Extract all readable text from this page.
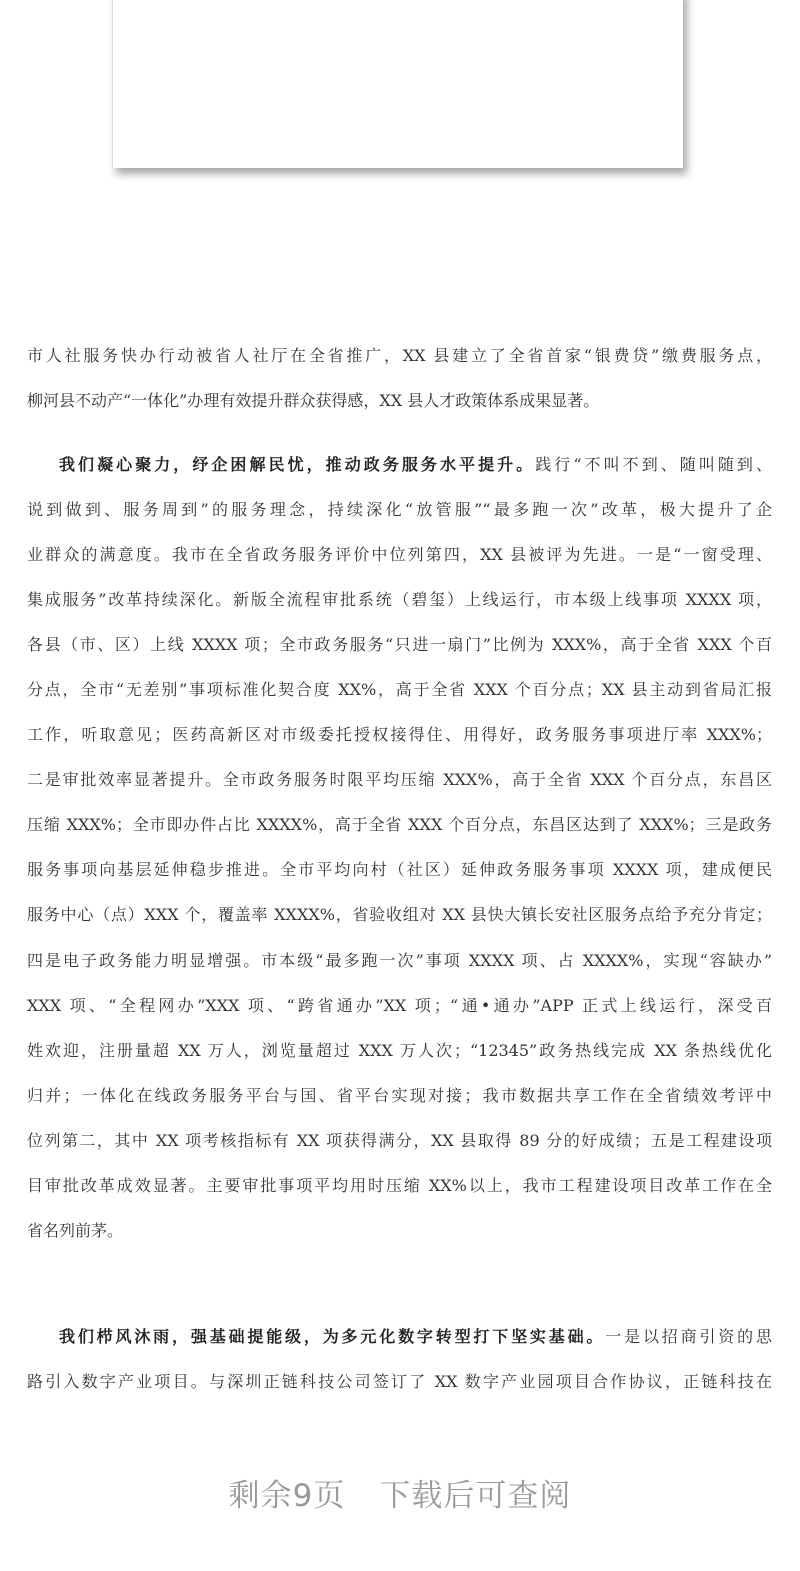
市人社服务快办行动被省人社厅在全省推广，XX 县建立了全省首家“银费贷”缴费服务点，
柳河县不动产“一体化”办理有效提升群众获得感，XX 县人才政策体系成果显著。
我们凝心聚力，纾企困解民忧，推动政务服务水平提升。践行“不叫不到、随叫随到、
说到做到、服务周到”的服务理念，持续深化“放管服”“最多跑一次”改革，极大提升了企
业群众的满意度。我市在全省政务服务评价中位列第四，XX 县被评为先进。一是“一窗受理、
集成服务”改革持续深化。新版全流程审批系统（碧玺）上线运行，市本级上线事项 XXXX 项，
各县（市、区）上线 XXXX 项；全市政务服务“只进一扇门”比例为 XXX%，高于全省 XXX 个百
分点，全市“无差别”事项标准化契合度 XX%，高于全省 XXX 个百分点；XX 县主动到省局汇报
工作，听取意见；医药高新区对市级委托授权接得住、用得好，政务服务事项进厅率 XXX%；
二是审批效率显著提升。全市政务服务时限平均压缩 XXX%，高于全省 XXX 个百分点，东昌区
压缩 XXX%；全市即办件占比 XXXX%，高于全省 XXX 个百分点，东昌区达到了 XXX%；三是政务
服务事项向基层延伸稳步推进。全市平均向村（社区）延伸政务服务事项 XXXX 项，建成便民
服务中心（点）XXX 个，覆盖率 XXXX%，省验收组对 XX 县快大镇长安社区服务点给予充分肯定；
四是电子政务能力明显增强。市本级“最多跑一次”事项 XXXX 项、占 XXXX%，实现“容缺办”
XXX 项、“全程网办”XXX 项、“跨省通办”XX 项；“通•通办”APP 正式上线运行，深受百
姓欢迎，注册量超 XX 万人，浏览量超过 XXX 万人次；“12345”政务热线完成 XX 条热线优化
归并；一体化在线政务服务平台与国、省平台实现对接；我市数据共享工作在全省绩效考评中
位列第二，其中 XX 项考核指标有 XX 项获得满分，XX 县取得 89 分的好成绩；五是工程建设项
目审批改革成效显著。主要审批事项平均用时压缩 XX%以上，我市工程建设项目改革工作在全
省名列前茅。
我们栉风沐雨，强基础提能级，为多元化数字转型打下坚实基础。一是以招商引资的思
路引入数字产业项目。与深圳正链科技公司签订了 XX 数字产业园项目合作协议，正链科技在
剩余9页 下载后可查阅
